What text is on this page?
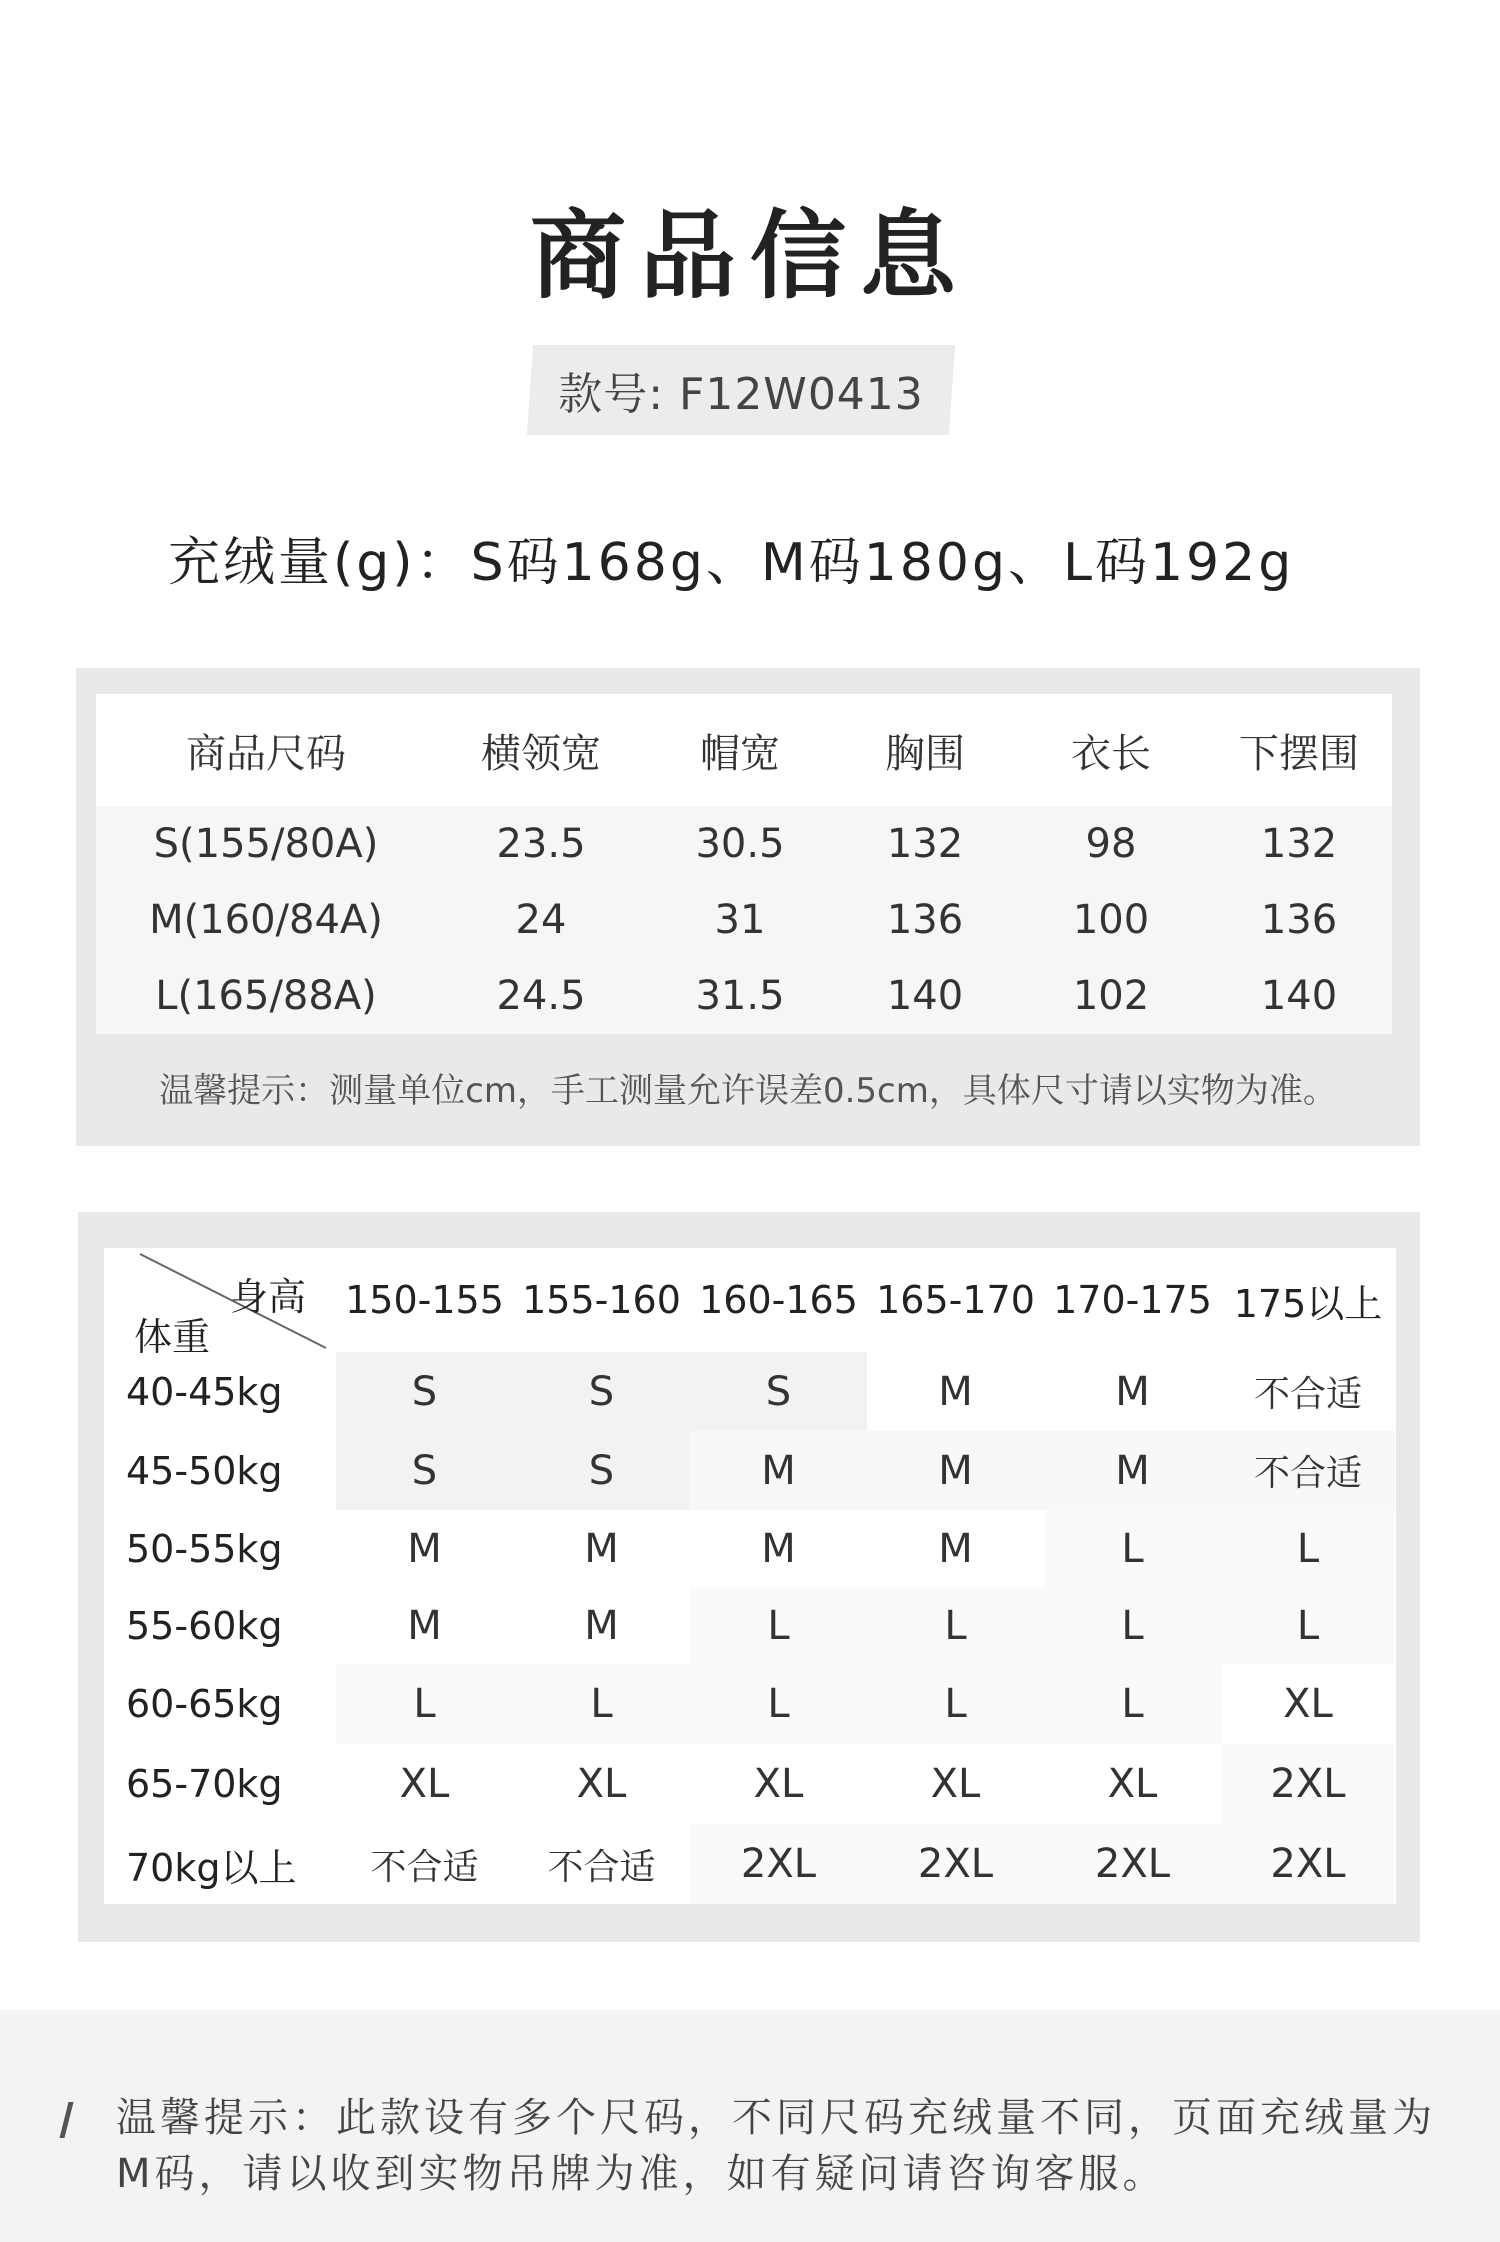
商品信息
款号: F12W0413
充绒量(g)：S码168g、M码180g、L码192g
商品尺码	横领宽	帽宽	胸围	衣长	下摆围
S(155/80A)	23.5	30.5	132	98	132
M(160/84A)	24	31	136	100	136
L(165/88A)	24.5	31.5	140	102	140
温馨提示：测量单位cm，手工测量允许误差0.5cm，具体尺寸请以实物为准。
身高
体重
150-155 155-160 160-165 165-170 170-175 175以上
40-45kg	S	S	S	M	M	不合适
45-50kg	S	S	M	M	M	不合适
50-55kg	M	M	M	M	L	L
55-60kg	M	M	L	L	L	L
60-65kg	L	L	L	L	L	XL
65-70kg	XL	XL	XL	XL	XL	2XL
70kg以上	不合适	不合适	2XL	2XL	2XL	2XL
温馨提示：此款设有多个尺码，不同尺码充绒量不同，页面充绒量为M码，请以收到实物吊牌为准，如有疑问请咨询客服。
